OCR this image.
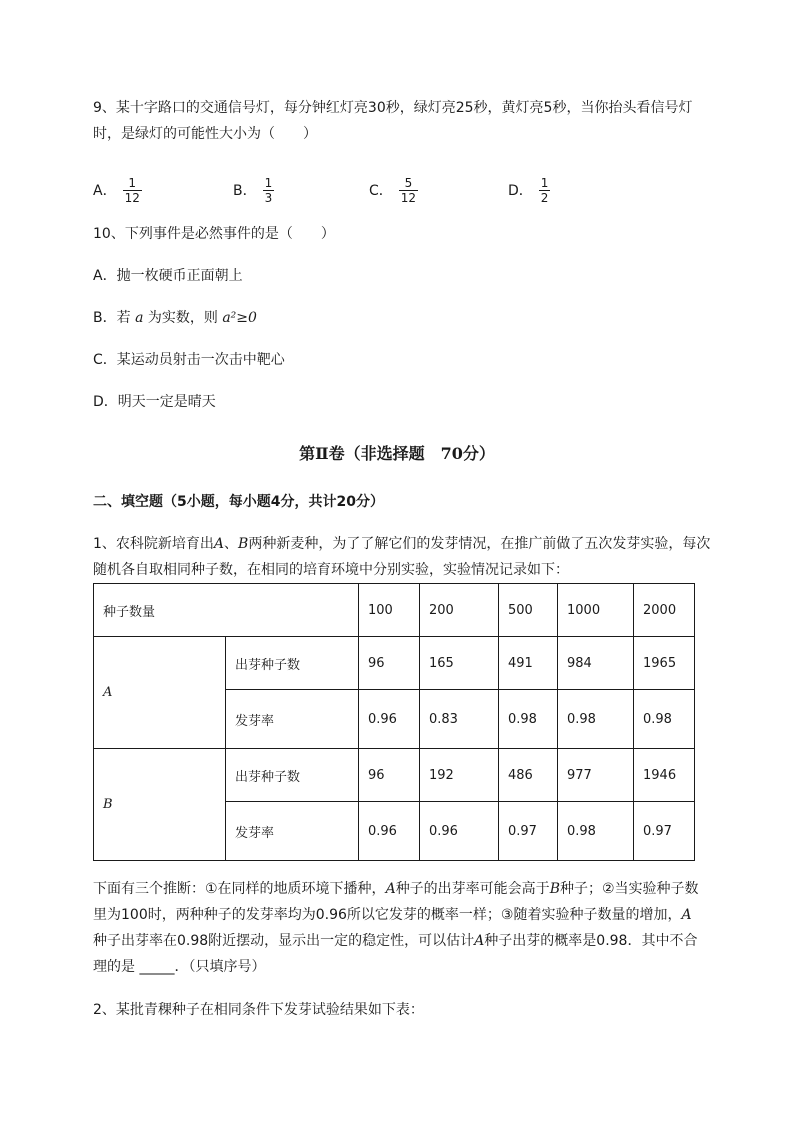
9、某十字路口的交通信号灯，每分钟红灯亮30秒，绿灯亮25秒，黄灯亮5秒，当你抬头看信号灯
时，是绿灯的可能性大小为（　　）
A． $\frac{1}{12}$	B． $\frac{1}{3}$	C． $\frac{5}{12}$	D． $\frac{1}{2}$
10、下列事件是必然事件的是（　　）
A．抛一枚硬币正面朝上
B．若 a 为实数，则 a²≥0
C．某运动员射击一次击中靶心
D．明天一定是晴天
第Ⅱ卷（非选择题　70分）
二、填空题（5小题，每小题4分，共计20分）
1、农科院新培育出A、B两种新麦种，为了了解它们的发芽情况，在推广前做了五次发芽实验，每次
随机各自取相同种子数，在相同的培育环境中分别实验，实验情况记录如下：
种子数量		100	200	500	1000	2000
A	出芽种子数	96	165	491	984	1965
	发芽率	0.96	0.83	0.98	0.98	0.98
B	出芽种子数	96	192	486	977	1946
	发芽率	0.96	0.96	0.97	0.98	0.97
下面有三个推断：①在同样的地质环境下播种，A种子的出芽率可能会高于B种子；②当实验种子数
里为100时，两种种子的发芽率均为0.96所以它发芽的概率一样；③随着实验种子数量的增加，A
种子出芽率在0.98附近摆动，显示出一定的稳定性，可以估计A种子出芽的概率是0.98．其中不合
理的是 _____．（只填序号）
2、某批青稞种子在相同条件下发芽试验结果如下表：
